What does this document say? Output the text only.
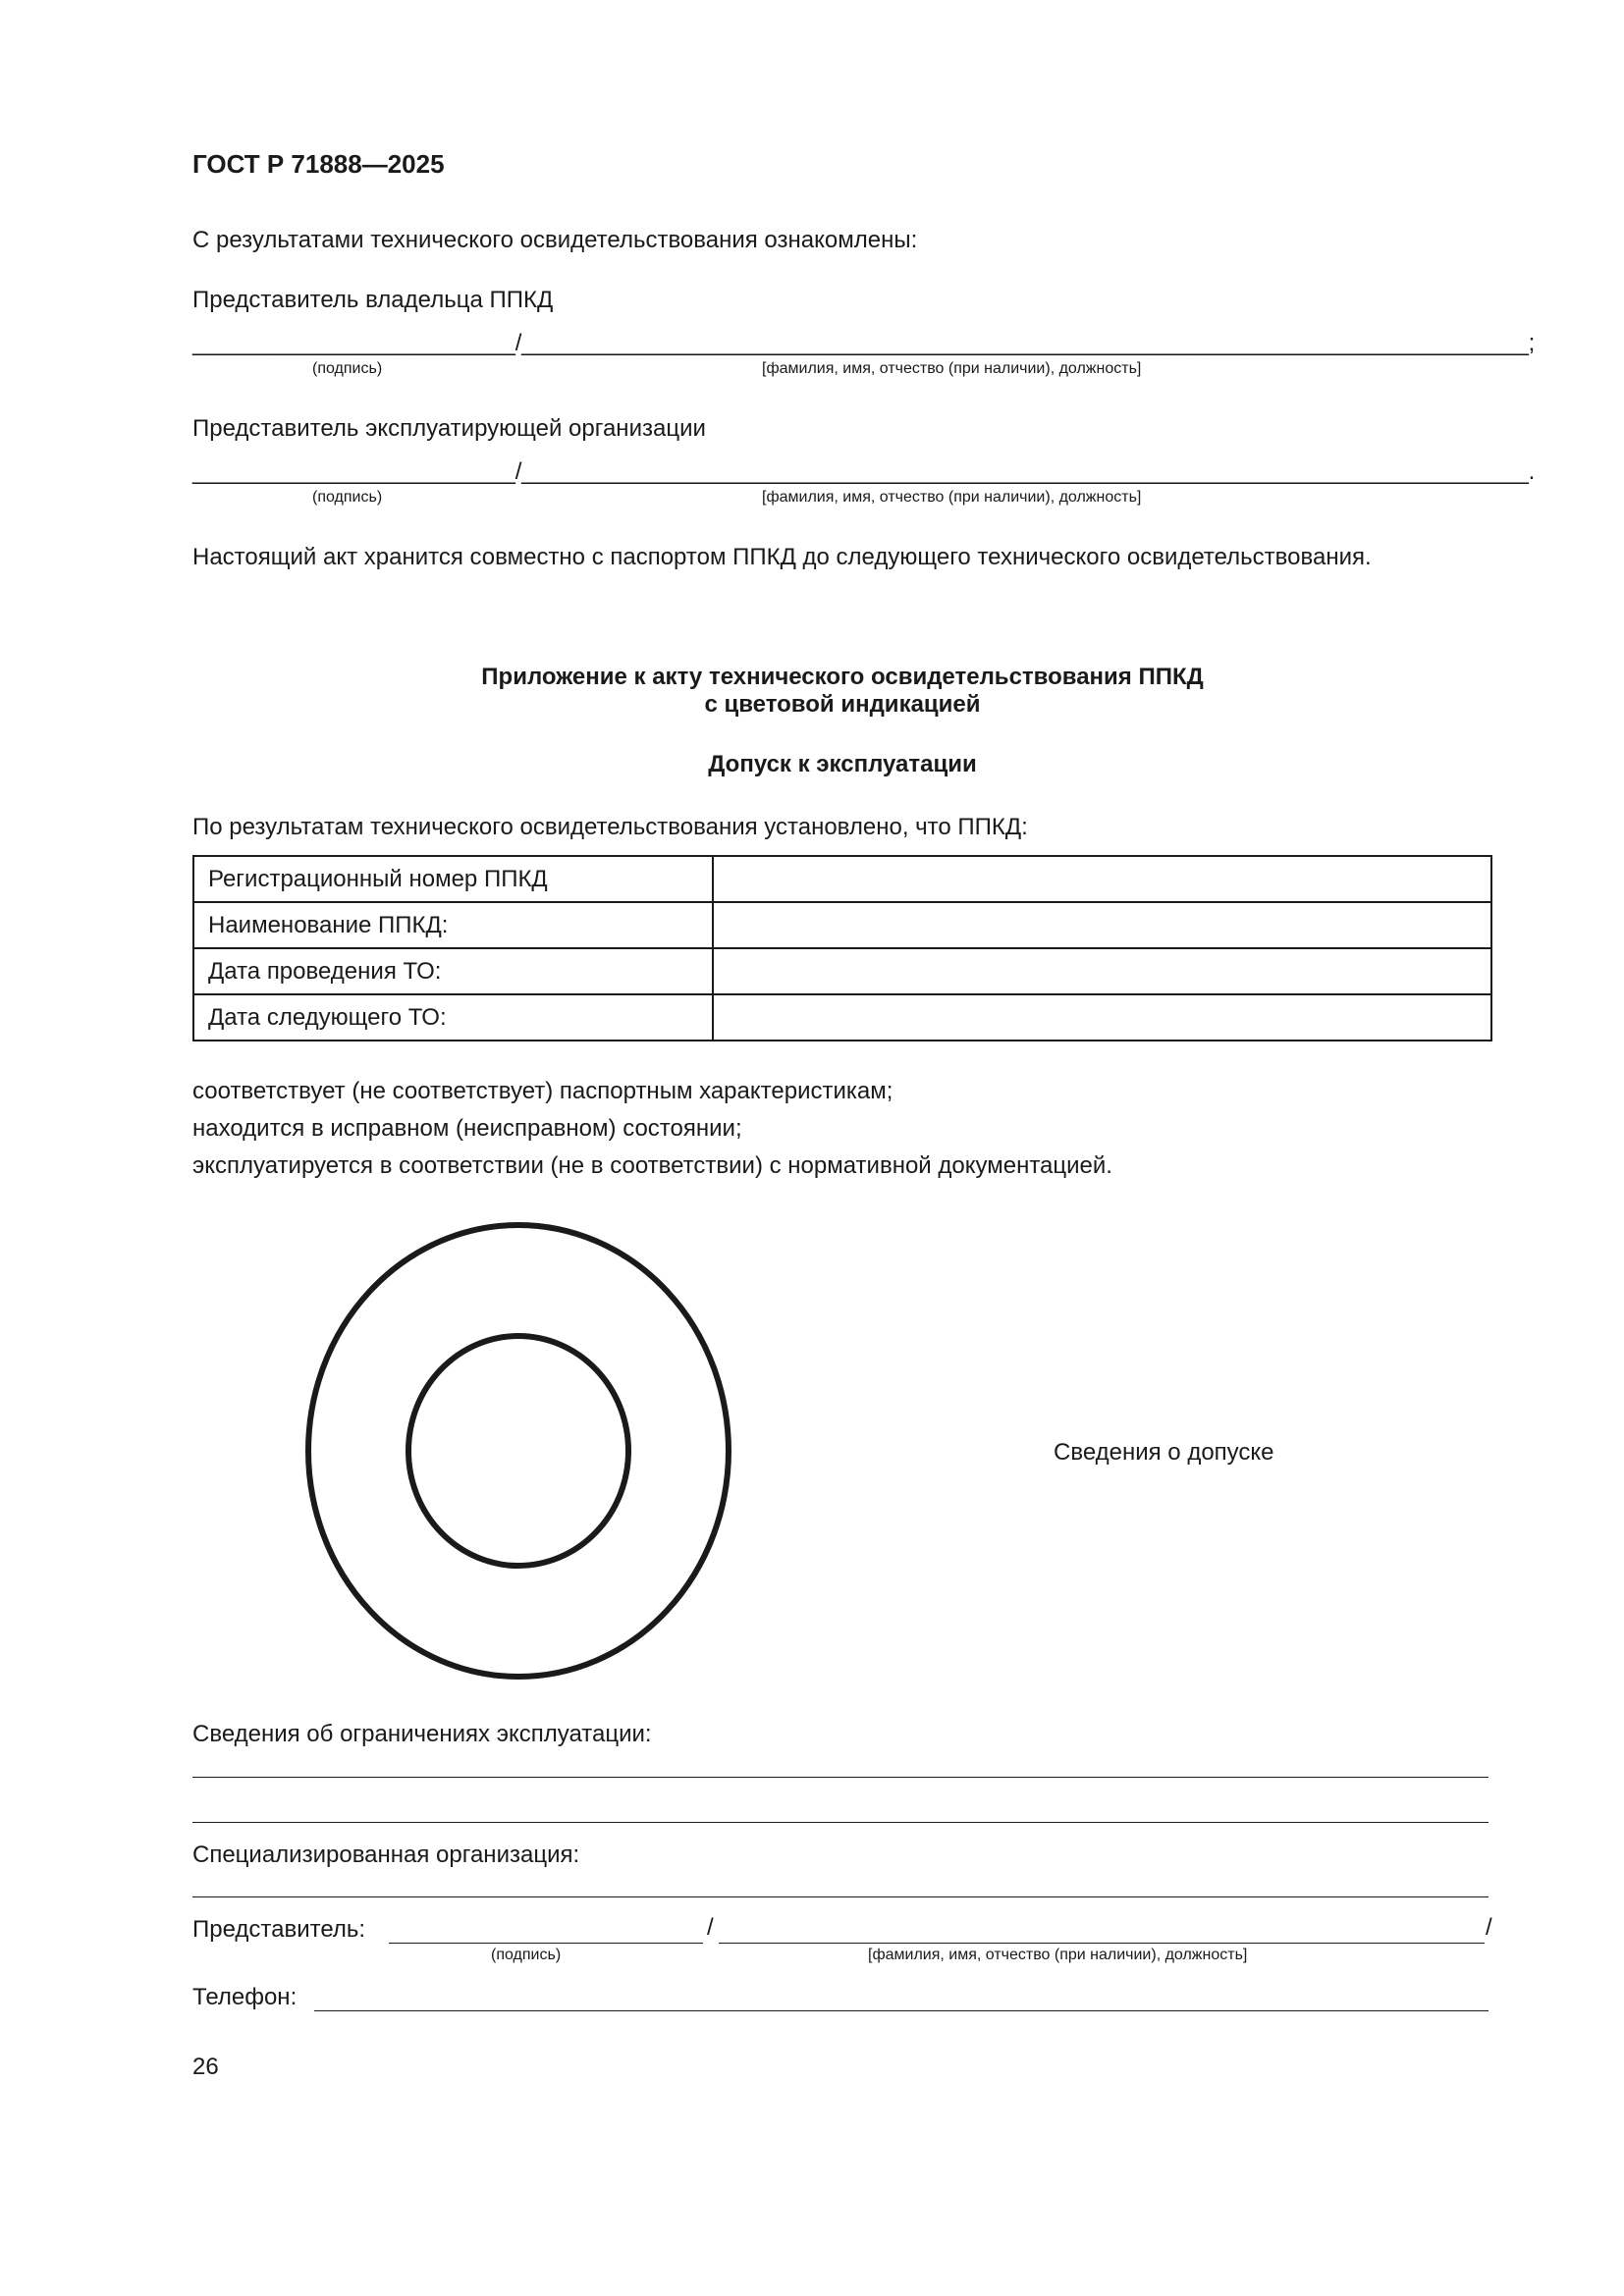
ГОСТ Р 71888—2025
С результатами технического освидетельствования ознакомлены:
Представитель владельца ППКД
_________________________/______________________________________________________________________________;
(подпись)	[фамилия, имя, отчество (при наличии), должность]
Представитель эксплуатирующей организации
_________________________/______________________________________________________________________________.
(подпись)	[фамилия, имя, отчество (при наличии), должность]
Настоящий акт хранится совместно с паспортом ППКД до следующего технического освидетельствования.
Приложение к акту технического освидетельствования ППКД
с цветовой индикацией
Допуск к эксплуатации
По результатам технического освидетельствования установлено, что ППКД:
Регистрационный номер ППКД	
Наименование ППКД:	
Дата проведения ТО:	
Дата следующего ТО:	
соответствует (не соответствует) паспортным характеристикам;
находится в исправном (неисправном) состоянии;
эксплуатируется в соответствии (не в соответствии) с нормативной документацией.
Сведения о допуске
Сведения об ограничениях эксплуатации:
Специализированная организация:
Представитель:	/	/
(подпись)	[фамилия, имя, отчество (при наличии), должность]
Телефон:
26
